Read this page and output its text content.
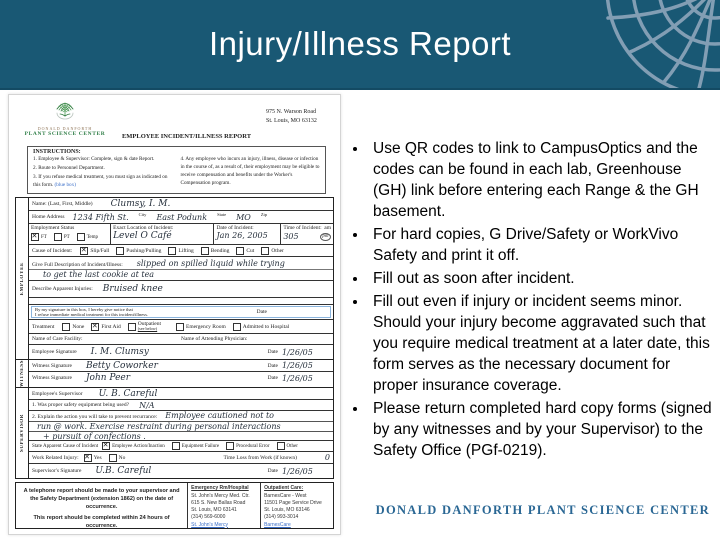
Injury/Illness Report
DONALD DANFORTH
PLANT SCIENCE CENTER	EMPLOYEE INCIDENT/ILLNESS REPORT
975 N. Warson Road
St. Louis, MO 63132
INSTRUCTIONS:
1. Employee & Supervisor: Complete, sign & date Report.
2. Route to Personnel Department.
3. If you refuse medical treatment, you must sign as indicated on this form. (blue box)
4. Any employee who incurs an injury, illness, disease or infection in the course of, as a result of, their employment may be eligible to receive compensation and benefits under the Worker's Compensation program.
EMPLOYEE
Name: (Last, First, Middle) Clumsy, I. M.
Home Address 1234 Fifth St. City East Podunk State MO Zip
Employment Status
✕
FT	PT	Temp
Exact Location of Incident:
Level O Café
Date of Incident:
Jan 26, 2005
Time of Incident: am
305	pm
Cause of Incident: ✕	Slip/Fall	Pushing/Pulling	Lifting	Bending	Cut	Other
Give Full Description of Incident/Illness: slipped on spilled liquid while trying
to get the last cookie at tea
Describe Apparent Injuries: Bruised knee
By my signature in this box, I hereby give notice that
I refuse immediate medical treatment for this incident/illness.	Date
Treatment	None ✕	First Aid	Outpatient
(see below)	Emergency Room	Admitted to Hospital
Name of Care Facility:	Name of Attending Physician:
Employee Signature I. M. Clumsy	Date 1/26/05
WITNESS Witness Signature Betty Coworker	Date 1/26/05
Witness Signature John Peer	Date 1/26/05
SUPERVISOR
Employee's Supervisor U. B. Careful
1. Was proper safety equipment being used? N/A
2. Explain the action you will take to prevent recurrance: Employee cautioned not to
run @ work. Exercise restraint during personal interactions
+ pursuit of confections .
State Apparent Cause of Incident ✕	Employee Action/Inaction	Equipment Failure	Procedural Error	Other
Work Related Injury: ✕	Yes	No	Time Loss from Work (if known)	0
Supervisor's Signature U.B. Careful	Date 1/26/05

A telephone report should be made to your supervisor and the Safety Department (extension 1862) on the date of occurrence.

This report should be completed within 24 hours of occurrence.

Emergency Rm/Hospital
St. John's Mercy Med. Ctr.
615 S. New Ballas Road
St. Louis, MO 63141
(314) 569-6000
St. John's Mercy
Outpatient Care:
BarnesCare - West
11501 Page Service Drive
St. Louis, MO 63146
(314) 993-3014
BarnesCare
• Use QR codes to link to CampusOptics and the codes can be found in each lab, Greenhouse (GH) link before entering each Range & the GH basement.
• For hard copies, G Drive/Safety or WorkVivo Safety and print it off.
• Fill out as soon after incident.
• Fill out even if injury or incident seems minor. Should your injury become aggravated such that you require medical treatment at a later date, this form serves as the necessary document for proper insurance coverage.
• Please return completed hard copy forms (signed by any witnesses and by your Supervisor) to the Safety Office (PGf-0219).
DONALD DANFORTH PLANT SCIENCE CENTER
